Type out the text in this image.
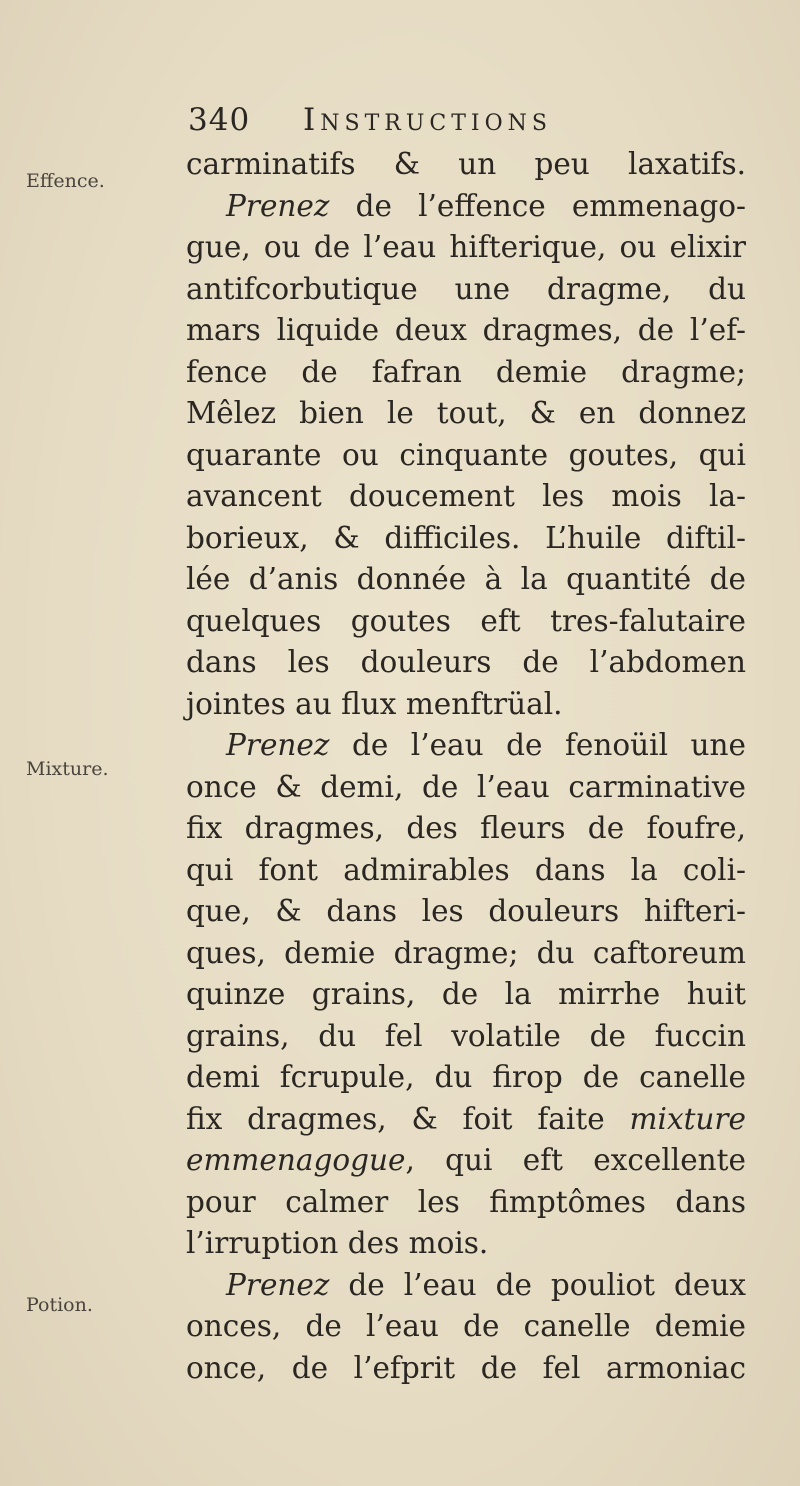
340 Instructions
Effence.
Mixture.
Potion.
carminatifs & un peu laxatifs.
Prenez de l’effence emmenago-
gue, ou de l’eau hifterique, ou elixir
antifcorbutique une dragme, du
mars liquide deux dragmes, de l’ef-
fence de fafran demie dragme;
Mêlez bien le tout, & en donnez
quarante ou cinquante goutes, qui
avancent doucement les mois la-
borieux, & difficiles. L’huile diftil-
lée d’anis donnée à la quantité de
quelques goutes eft tres-falutaire
dans les douleurs de l’abdomen
jointes au flux menftrüal.
Prenez de l’eau de fenoüil une
once & demi, de l’eau carminative
fix dragmes, des fleurs de foufre,
qui font admirables dans la coli-
que, & dans les douleurs hifteri-
ques, demie dragme; du caftoreum
quinze grains, de la mirrhe huit
grains, du fel volatile de fuccin
demi fcrupule, du firop de canelle
fix dragmes, & foit faite mixture
emmenagogue, qui eft excellente
pour calmer les fimptômes dans
l’irruption des mois.
Prenez de l’eau de pouliot deux
onces, de l’eau de canelle demie
once, de l’efprit de fel armoniac
